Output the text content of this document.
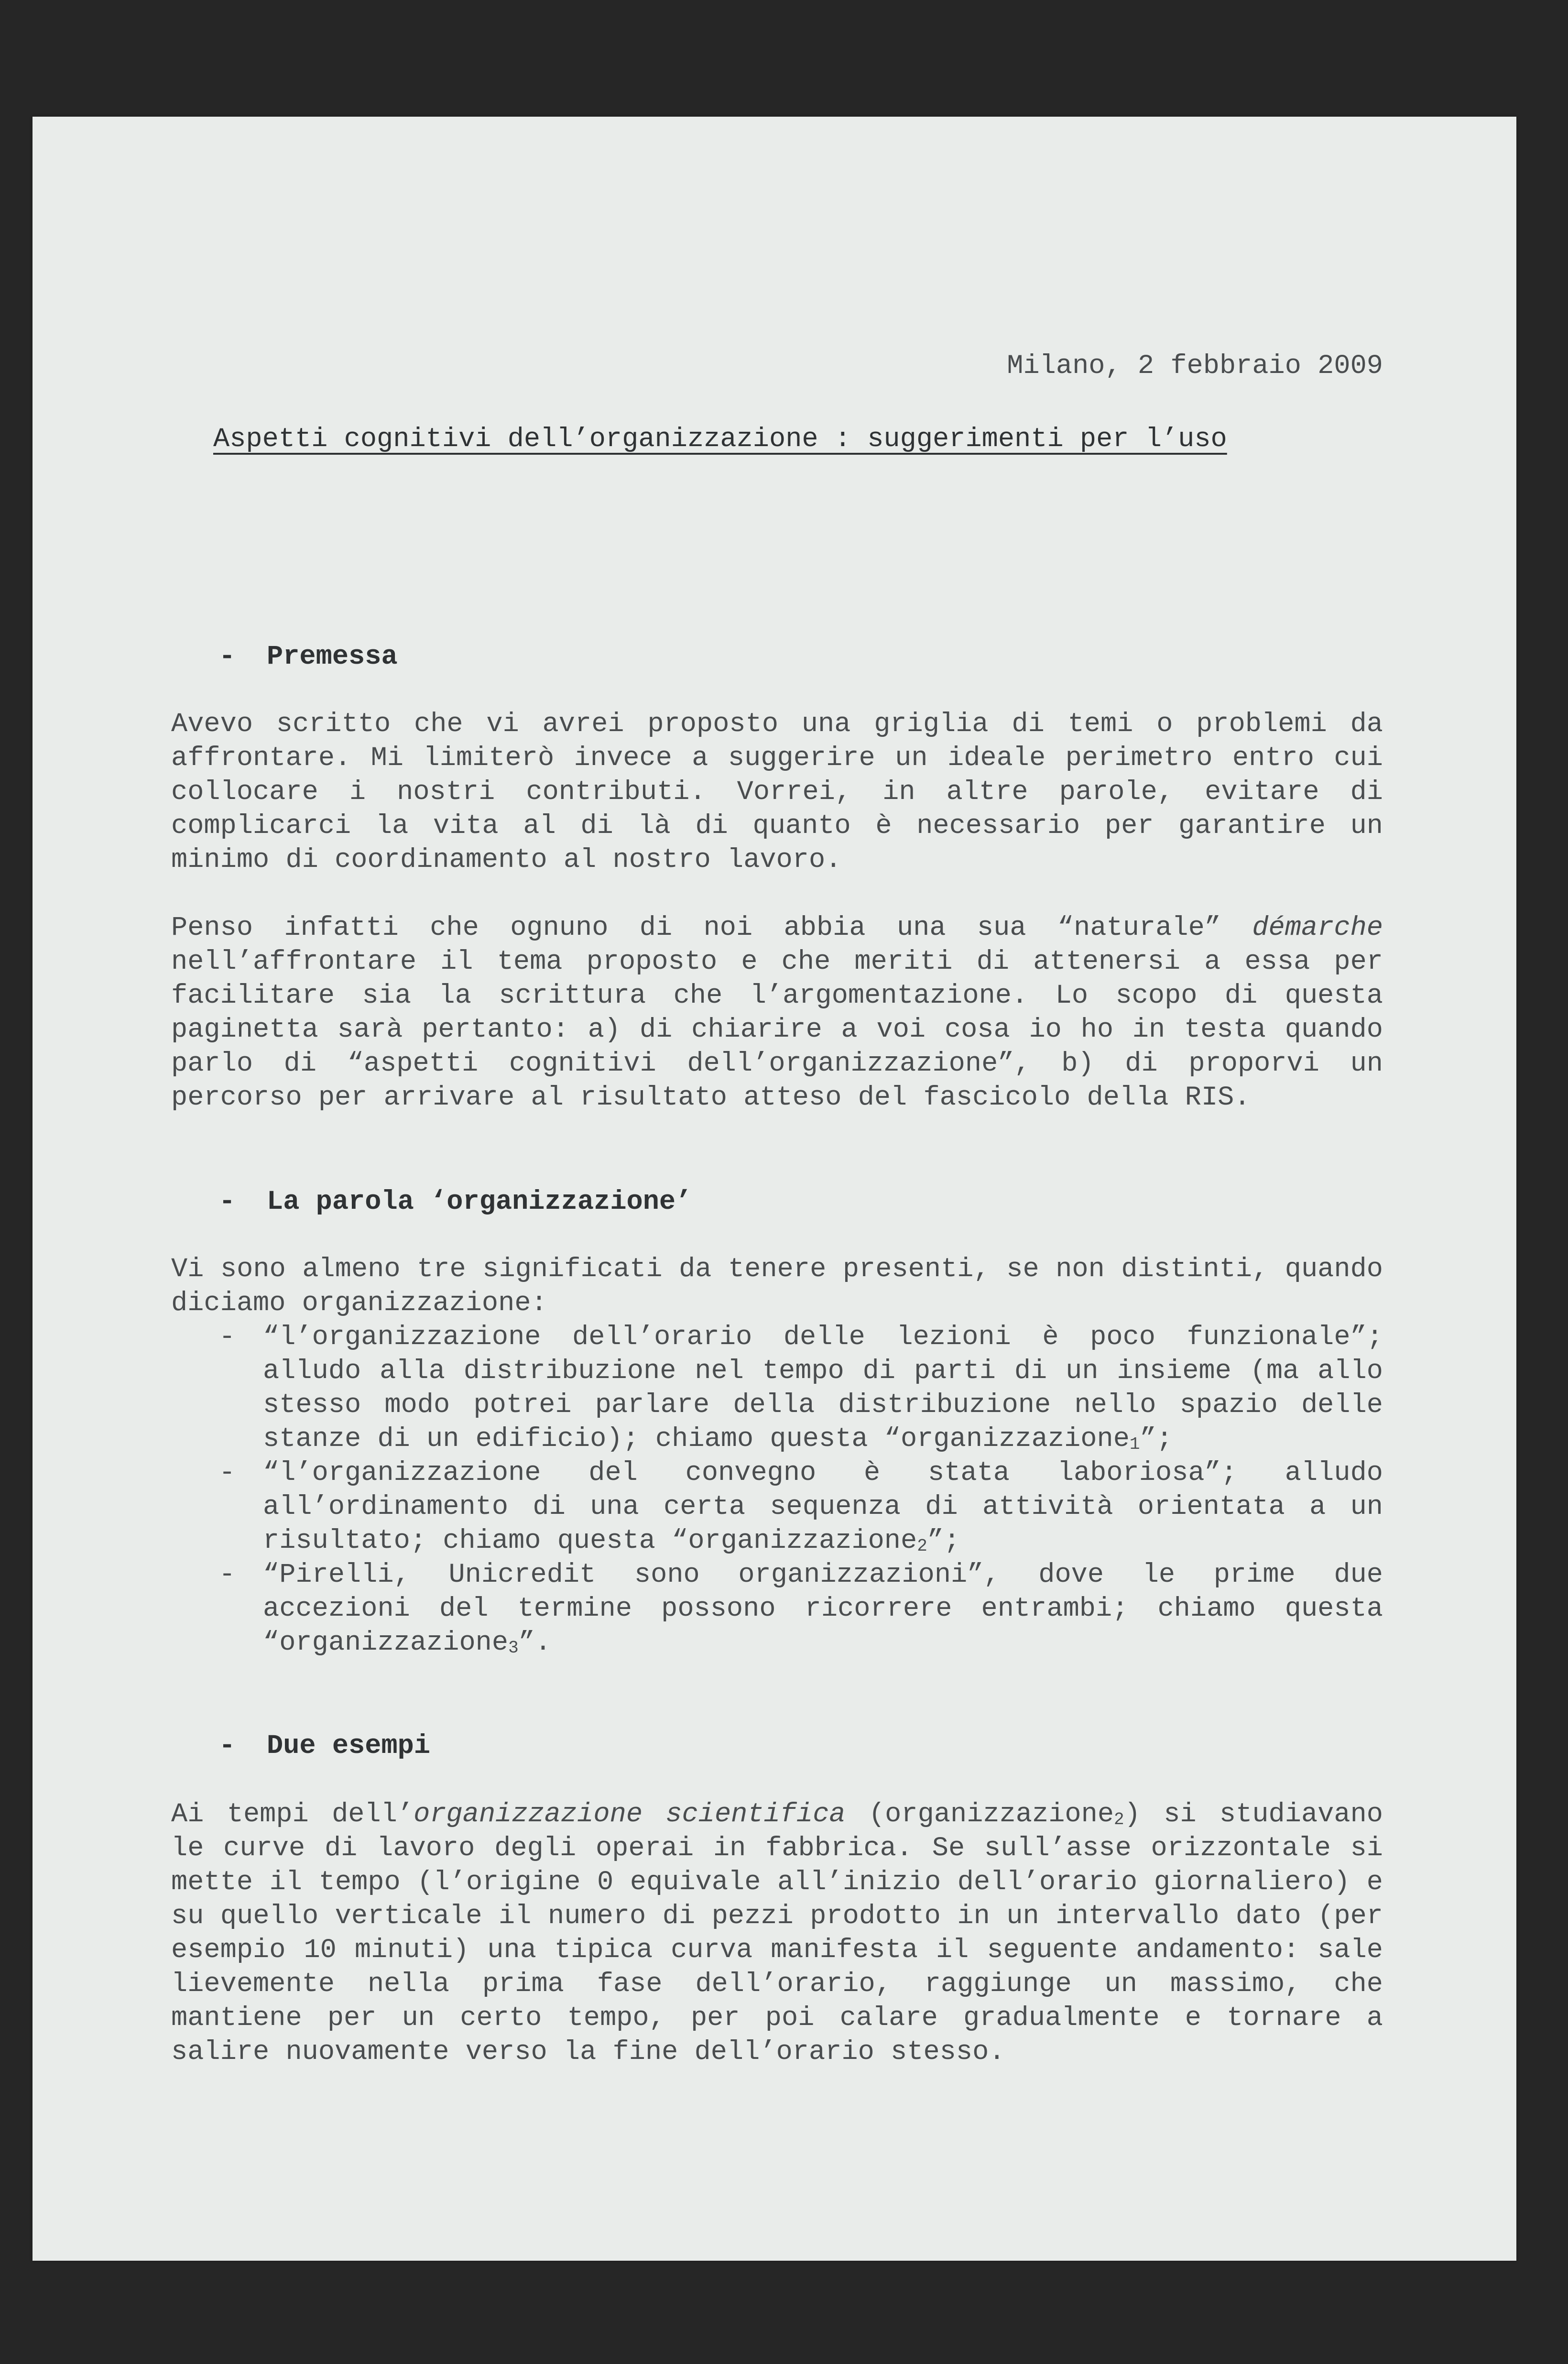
Milano, 2 febbraio 2009
Aspetti cognitivi dell’organizzazione : suggerimenti per l’uso
- Premessa

Avevo scritto che vi avrei proposto una griglia di temi o problemi da affrontare. Mi limiterò invece a suggerire un ideale perimetro entro cui collocare i nostri contributi. Vorrei, in altre parole, evitare di complicarci la vita al di là di quanto è necessario per garantire un minimo di coordinamento al nostro lavoro.

Penso infatti che ognuno di noi abbia una sua “naturale” démarche nell’affrontare il tema proposto e che meriti di attenersi a essa per facilitare sia la scrittura che l’argomentazione. Lo scopo di questa paginetta sarà pertanto: a) di chiarire a voi cosa io ho in testa quando parlo di “aspetti cognitivi dell’organizzazione”, b) di proporvi un percorso per arrivare al risultato atteso del fascicolo della RIS.

- La parola ‘organizzazione’

Vi sono almeno tre significati da tenere presenti, se non distinti, quando diciamo organizzazione:

- “l’organizzazione dell’orario delle lezioni è poco funzionale”; alludo alla distribuzione nel tempo di parti di un insieme (ma allo stesso modo potrei parlare della distribuzione nello spazio delle stanze di un edificio); chiamo questa “organizzazione$_1$”;
- “l’organizzazione del convegno è stata laboriosa”; alludo all’ordinamento di una certa sequenza di attività orientata a un risultato; chiamo questa “organizzazione$_2$”;
- “Pirelli, Unicredit sono organizzazioni”, dove le prime due accezioni del termine possono ricorrere entrambi; chiamo questa “organizzazione$_3$”.
- Due esempi

Ai tempi dell’organizzazione scientifica (organizzazione$_2$) si studiavano le curve di lavoro degli operai in fabbrica. Se sull’asse orizzontale si mette il tempo (l’origine 0 equivale all’inizio dell’orario giornaliero) e su quello verticale il numero di pezzi prodotto in un intervallo dato (per esempio 10 minuti) una tipica curva manifesta il seguente andamento: sale lievemente nella prima fase dell’orario, raggiunge un massimo, che mantiene per un certo tempo, per poi calare gradualmente e tornare a salire nuovamente verso la fine dell’orario stesso.
